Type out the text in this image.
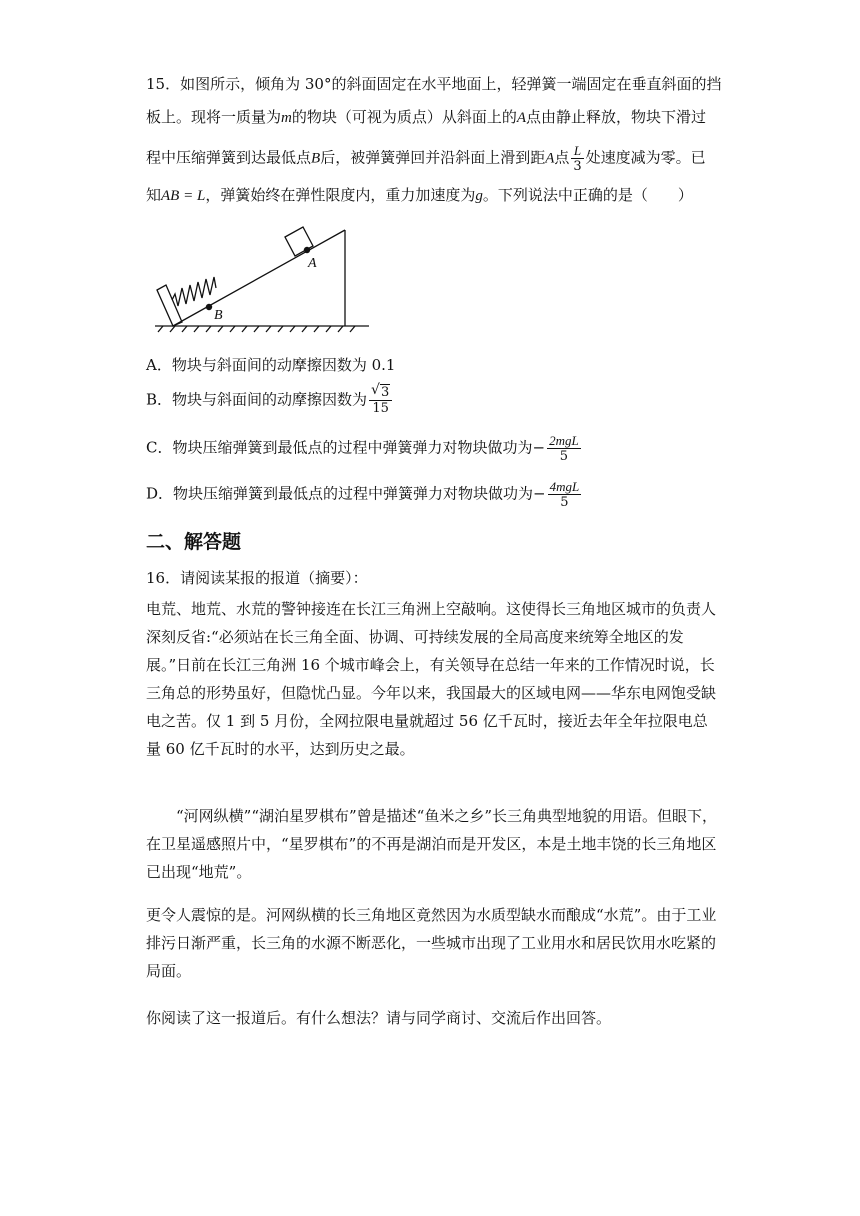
15．如图所示，倾角为 30°的斜面固定在水平地面上，轻弹簧一端固定在垂直斜面的挡
板上。现将一质量为m的物块（可视为质点）从斜面上的A点由静止释放，物块下滑过
程中压缩弹簧到达最低点B后，被弹簧弹回并沿斜面上滑到距A点 $\frac{L}{3}$ 处速度减为零。已
知AB = L，弹簧始终在弹性限度内，重力加速度为g。下列说法中正确的是（　　）
A
B
A．物块与斜面间的动摩擦因数为 0.1
B．物块与斜面间的动摩擦因数为 $\frac{√ 3}{15}$
C．物块压缩弹簧到最低点的过程中弹簧弹力对物块做功为− $\frac{\text{2mgL}}{5}$
D．物块压缩弹簧到最低点的过程中弹簧弹力对物块做功为− $\frac{\text{4mgL}}{5}$
二、解答题
16．请阅读某报的报道（摘要）：
电荒、地荒、水荒的警钟接连在长江三角洲上空敲响。这使得长三角地区城市的负责人深刻反省:“必须站在长三角全面、协调、可持续发展的全局高度来统筹全地区的发展。”日前在长江三角洲 16 个城市峰会上，有关领导在总结一年来的工作情况时说，长三角总的形势虽好，但隐忧凸显。今年以来，我国最大的区域电网——华东电网饱受缺电之苦。仅 1 到 5 月份，全网拉限电量就超过 56 亿千瓦时，接近去年全年拉限电总量 60 亿千瓦时的水平，达到历史之最。
“河网纵横”“湖泊星罗棋布”曾是描述“鱼米之乡”长三角典型地貌的用语。但眼下，在卫星遥感照片中，“星罗棋布”的不再是湖泊而是开发区，本是土地丰饶的长三角地区已出现“地荒”。
更令人震惊的是。河网纵横的长三角地区竟然因为水质型缺水而酿成“水荒”。由于工业排污日渐严重，长三角的水源不断恶化，一些城市出现了工业用水和居民饮用水吃紧的局面。
你阅读了这一报道后。有什么想法？请与同学商讨、交流后作出回答。
